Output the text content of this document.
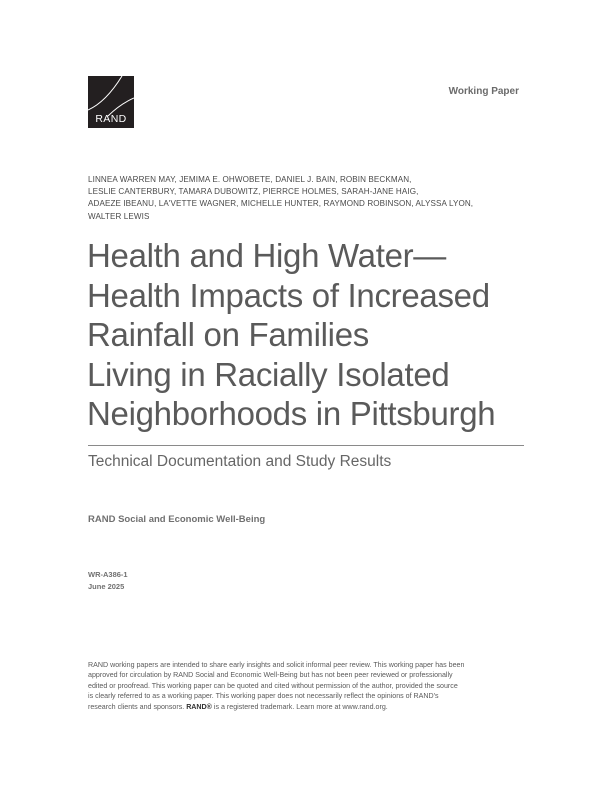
RAND
Working Paper
LINNEA WARREN MAY, JEMIMA E. OHWOBETE, DANIEL J. BAIN, ROBIN BECKMAN,
LESLIE CANTERBURY, TAMARA DUBOWITZ, PIERRCE HOLMES, SARAH-JANE HAIG,
ADAEZE IBEANU, LA'VETTE WAGNER, MICHELLE HUNTER, RAYMOND ROBINSON, ALYSSA LYON,
WALTER LEWIS
Health and High Water—
Health Impacts of Increased
Rainfall on Families
Living in Racially Isolated
Neighborhoods in Pittsburgh
Technical Documentation and Study Results
RAND Social and Economic Well-Being
WR-A386-1
June 2025
RAND working papers are intended to share early insights and solicit informal peer review. This working paper has been
approved for circulation by RAND Social and Economic Well-Being but has not been peer reviewed or professionally
edited or proofread. This working paper can be quoted and cited without permission of the author, provided the source
is clearly referred to as a working paper. This working paper does not necessarily reflect the opinions of RAND's
research clients and sponsors. RAND® is a registered trademark. Learn more at www.rand.org.
